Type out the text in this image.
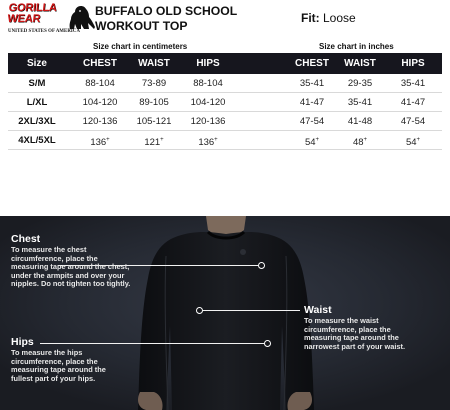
GORILLA
WEAR
UNITED STATES OF AMERICA
BUFFALO OLD SCHOOL
WORKOUT TOP
Fit: Loose
Size chart in centimeters	Size chart in inches
Size	CHEST	WAIST	HIPS	CHEST	WAIST	HIPS
S/M	88-104	73-89	88-104	35-41	29-35	35-41
L/XL	104-120	89-105	104-120	41-47	35-41	41-47
2XL/3XL	120-136	105-121	120-136	47-54	41-48	47-54
4XL/5XL	136+	121+	136+	54+	48+	54+
Chest
To measure the chest
circumference, place the
measuring tape around the chest,
under the armpits and over your
nipples. Do not tighten too tightly.
Waist
To measure the waist
circumference, place the
measuring tape around the
narrowest part of your waist.
Hips
To measure the hips
circumference, place the
measuring tape around the
fullest part of your hips.
